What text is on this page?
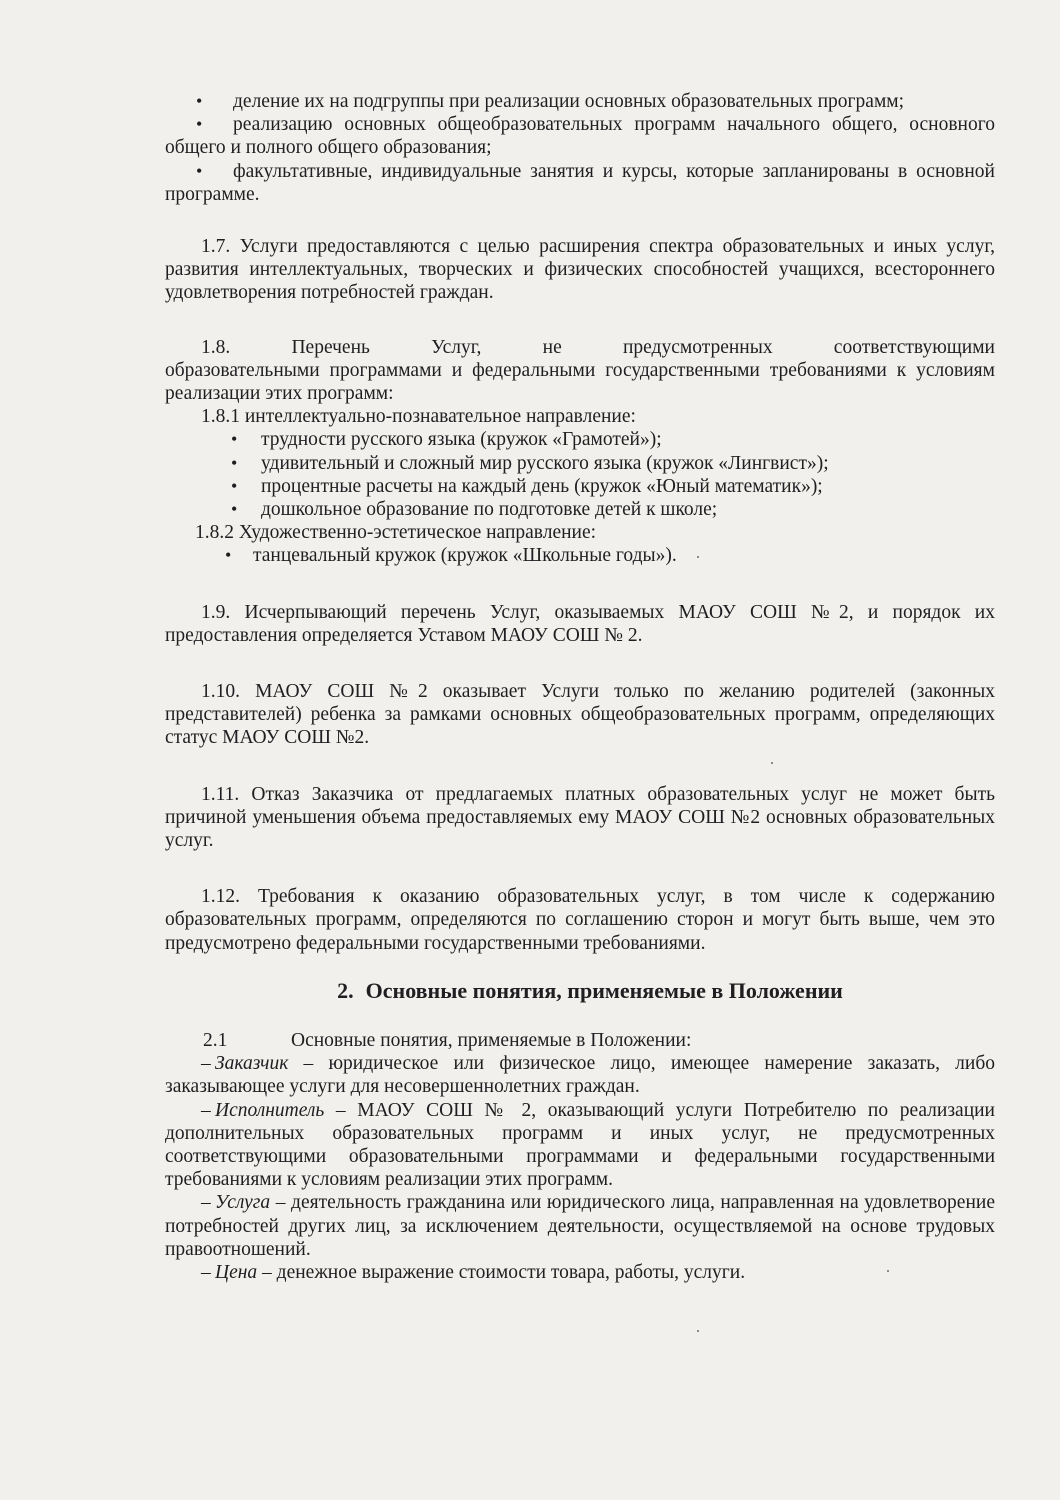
• деление их на подгруппы при реализации основных образовательных программ;
• реализацию основных общеобразовательных программ начального общего, основного общего и полного общего образования;
• факультативные, индивидуальные занятия и курсы, которые запланированы в основной программе.

1.7. Услуги предоставляются с целью расширения спектра образовательных и иных услуг, развития интеллектуальных, творческих и физических способностей учащихся, всестороннего удовлетворения потребностей граждан.

1.8. Перечень Услуг, не предусмотренных соответствующими
образовательными программами и федеральными государственными требованиями к условиям реализации этих программ:
1.8.1 интеллектуально-познавательное направление:
• трудности русского языка (кружок «Грамотей»);
• удивительный и сложный мир русского языка (кружок «Лингвист»);
• процентные расчеты на каждый день (кружок «Юный математик»);
• дошкольное образование по подготовке детей к школе;
1.8.2 Художественно-эстетическое направление:
• танцевальный кружок (кружок «Школьные годы»).

1.9. Исчерпывающий перечень Услуг, оказываемых МАОУ СОШ №2, и порядок их предоставления определяется Уставом МАОУ СОШ № 2.

1.10. МАОУ СОШ №2 оказывает Услуги только по желанию родителей (законных представителей) ребенка за рамками основных общеобразовательных программ, определяющих статус МАОУ СОШ №2.

1.11. Отказ Заказчика от предлагаемых платных образовательных услуг не может быть причиной уменьшения объема предоставляемых ему МАОУ СОШ №2 основных образовательных услуг.

1.12. Требования к оказанию образовательных услуг, в том числе к содержанию образовательных программ, определяются по соглашению сторон и могут быть выше, чем это предусмотрено федеральными государственными требованиями.

2. Основные понятия, применяемые в Положении
2.1	Основные понятия, применяемые в Положении:
– Заказчик – юридическое или физическое лицо, имеющее намерение заказать, либо заказывающее услуги для несовершеннолетних граждан.
– Исполнитель – МАОУ СОШ № 2, оказывающий услуги Потребителю по реализации дополнительных образовательных программ и иных услуг, не предусмотренных соответствующими образовательными программами и федеральными государственными требованиями к условиям реализации этих программ.
– Услуга – деятельность гражданина или юридического лица, направленная на удовлетворение потребностей других лиц, за исключением деятельности, осуществляемой на основе трудовых правоотношений.
– Цена – денежное выражение стоимости товара, работы, услуги.
